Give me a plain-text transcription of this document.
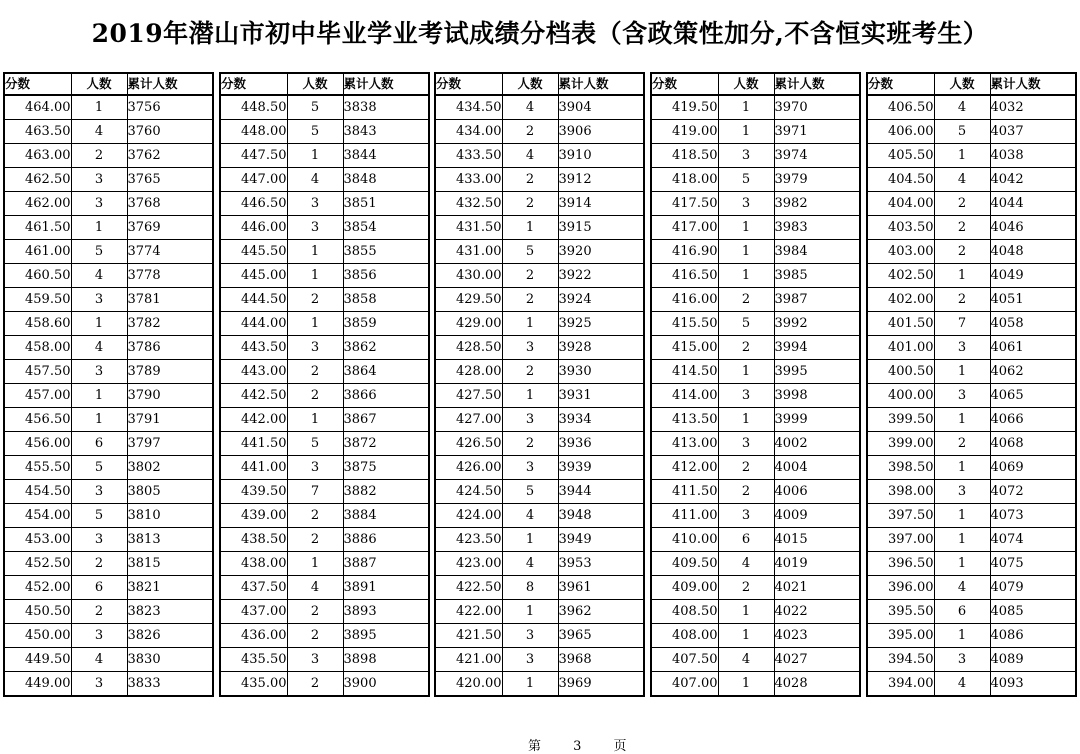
2019年潜山市初中毕业学业考试成绩分档表（含政策性加分,不含恒实班考生）
分数	人数	累计人数
464.00	1	3756
463.50	4	3760
463.00	2	3762
462.50	3	3765
462.00	3	3768
461.50	1	3769
461.00	5	3774
460.50	4	3778
459.50	3	3781
458.60	1	3782
458.00	4	3786
457.50	3	3789
457.00	1	3790
456.50	1	3791
456.00	6	3797
455.50	5	3802
454.50	3	3805
454.00	5	3810
453.00	3	3813
452.50	2	3815
452.00	6	3821
450.50	2	3823
450.00	3	3826
449.50	4	3830
449.00	3	3833
分数	人数	累计人数
448.50	5	3838
448.00	5	3843
447.50	1	3844
447.00	4	3848
446.50	3	3851
446.00	3	3854
445.50	1	3855
445.00	1	3856
444.50	2	3858
444.00	1	3859
443.50	3	3862
443.00	2	3864
442.50	2	3866
442.00	1	3867
441.50	5	3872
441.00	3	3875
439.50	7	3882
439.00	2	3884
438.50	2	3886
438.00	1	3887
437.50	4	3891
437.00	2	3893
436.00	2	3895
435.50	3	3898
435.00	2	3900
分数	人数	累计人数
434.50	4	3904
434.00	2	3906
433.50	4	3910
433.00	2	3912
432.50	2	3914
431.50	1	3915
431.00	5	3920
430.00	2	3922
429.50	2	3924
429.00	1	3925
428.50	3	3928
428.00	2	3930
427.50	1	3931
427.00	3	3934
426.50	2	3936
426.00	3	3939
424.50	5	3944
424.00	4	3948
423.50	1	3949
423.00	4	3953
422.50	8	3961
422.00	1	3962
421.50	3	3965
421.00	3	3968
420.00	1	3969
分数	人数	累计人数
419.50	1	3970
419.00	1	3971
418.50	3	3974
418.00	5	3979
417.50	3	3982
417.00	1	3983
416.90	1	3984
416.50	1	3985
416.00	2	3987
415.50	5	3992
415.00	2	3994
414.50	1	3995
414.00	3	3998
413.50	1	3999
413.00	3	4002
412.00	2	4004
411.50	2	4006
411.00	3	4009
410.00	6	4015
409.50	4	4019
409.00	2	4021
408.50	1	4022
408.00	1	4023
407.50	4	4027
407.00	1	4028
分数	人数	累计人数
406.50	4	4032
406.00	5	4037
405.50	1	4038
404.50	4	4042
404.00	2	4044
403.50	2	4046
403.00	2	4048
402.50	1	4049
402.00	2	4051
401.50	7	4058
401.00	3	4061
400.50	1	4062
400.00	3	4065
399.50	1	4066
399.00	2	4068
398.50	1	4069
398.00	3	4072
397.50	1	4073
397.00	1	4074
396.50	1	4075
396.00	4	4079
395.50	6	4085
395.00	1	4086
394.50	3	4089
394.00	4	4093
第 3 页
